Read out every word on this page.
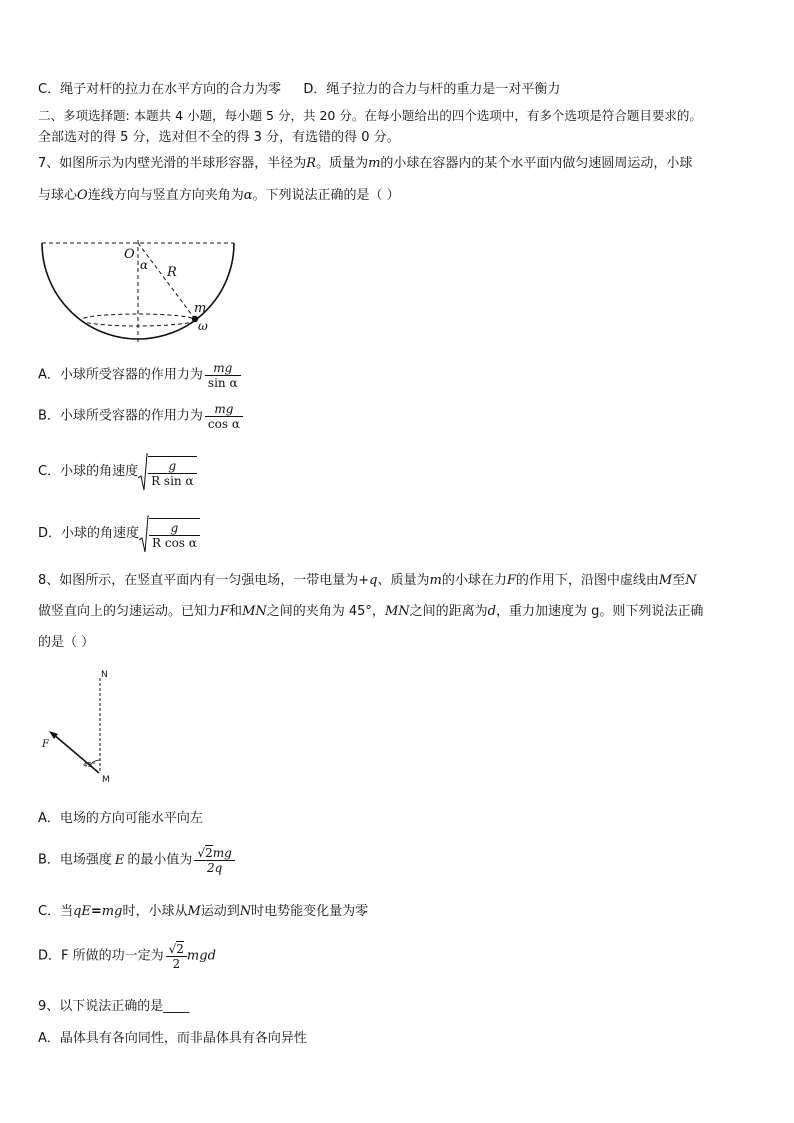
C．绳子对杆的拉力在水平方向的合力为零 D．绳子拉力的合力与杆的重力是一对平衡力
二、多项选择题: 本题共 4 小题，每小题 5 分，共 20 分。在每小题给出的四个选项中，有多个选项是符合题目要求的。
全部选对的得 5 分，选对但不全的得 3 分，有选错的得 0 分。
7、如图所示为内壁光滑的半球形容器，半径为R。质量为m的小球在容器内的某个水平面内做匀速圆周运动，小球
与球心O连线方向与竖直方向夹角为α。下列说法正确的是（ ）
O
α R
m
ω
A．小球所受容器的作用力为 $\frac{mg}{\text{sin α}}$
B．小球所受容器的作用力为 $\frac{mg}{\text{cos α}}$
C．小球的角速度 $\frac{g}{\text{R sin α}}$
D．小球的角速度 $\frac{g}{\text{R cos α}}$
8、如图所示，在竖直平面内有一匀强电场，一带电量为+q、质量为m的小球在力F的作用下，沿图中虚线由M至N
做竖直向上的匀速运动。已知力F和MN之间的夹角为 45°，MN之间的距离为d，重力加速度为 g。则下列说法正确
的是（ ）
N
F
45°
M
A．电场的方向可能水平向左
B．电场强度 E 的最小值为 $\frac{√2mg}{2q}$
C．当qE=mg时，小球从M运动到N时电势能变化量为零
D．F 所做的功一定为 $\frac{√2}{2}$ mgd
9、以下说法正确的是____
A．晶体具有各向同性，而非晶体具有各向异性
